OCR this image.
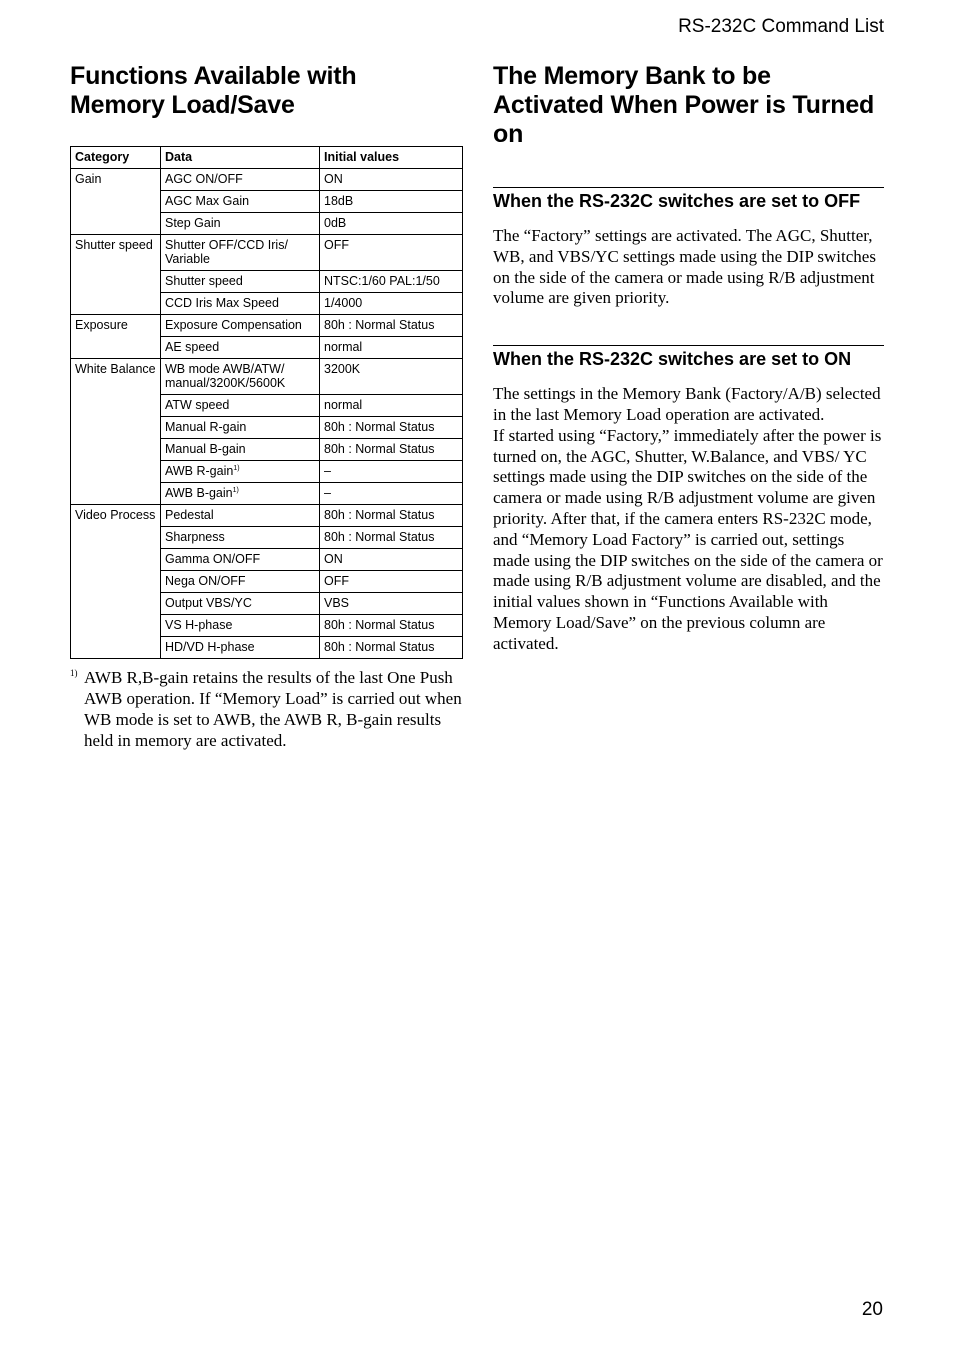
RS-232C Command List
Functions Available with
Memory Load/Save
Category	Data	Initial values
Gain	AGC ON/OFF	ON
	AGC Max Gain	18dB
	Step Gain	0dB
Shutter speed	Shutter OFF/CCD Iris/ Variable	OFF
	Shutter speed	NTSC:1/60 PAL:1/50
	CCD Iris Max Speed	1/4000
Exposure	Exposure Compensation	80h : Normal Status
	AE speed	normal
White Balance	WB mode AWB/ATW/ manual/3200K/5600K	3200K
	ATW speed	normal
	Manual R-gain	80h : Normal Status
	Manual B-gain	80h : Normal Status
	AWB R-gain$^{1)}$	–
	AWB B-gain$^{1)}$	–
Video Process	Pedestal	80h : Normal Status
	Sharpness	80h : Normal Status
	Gamma ON/OFF	ON
	Nega ON/OFF	OFF
	Output VBS/YC	VBS
	VS H-phase	80h : Normal Status
	HD/VD H-phase	80h : Normal Status
1) AWB R,B-gain retains the results of the last One Push AWB operation. If “Memory Load” is carried out when WB mode is set to AWB, the AWB R, B-gain results held in memory are activated.
The Memory Bank to be
Activated When Power is Turned
on
When the RS-232C switches are set to OFF

The “Factory” settings are activated. The AGC, Shutter, WB, and VBS/YC settings made using the DIP switches on the side of the camera or made using R/B adjustment volume are given priority.

When the RS-232C switches are set to ON

The settings in the Memory Bank (Factory/A/B) selected in the last Memory Load operation are activated.
If started using “Factory,” immediately after the power is turned on, the AGC, Shutter, W.Balance, and VBS/ YC settings made using the DIP switches on the side of the camera or made using R/B adjustment volume are given priority. After that, if the camera enters RS-232C mode, and “Memory Load Factory” is carried out, settings made using the DIP switches on the side of the camera or made using R/B adjustment volume are disabled, and the initial values shown in “Functions Available with Memory Load/Save” on the previous column are activated.

20
